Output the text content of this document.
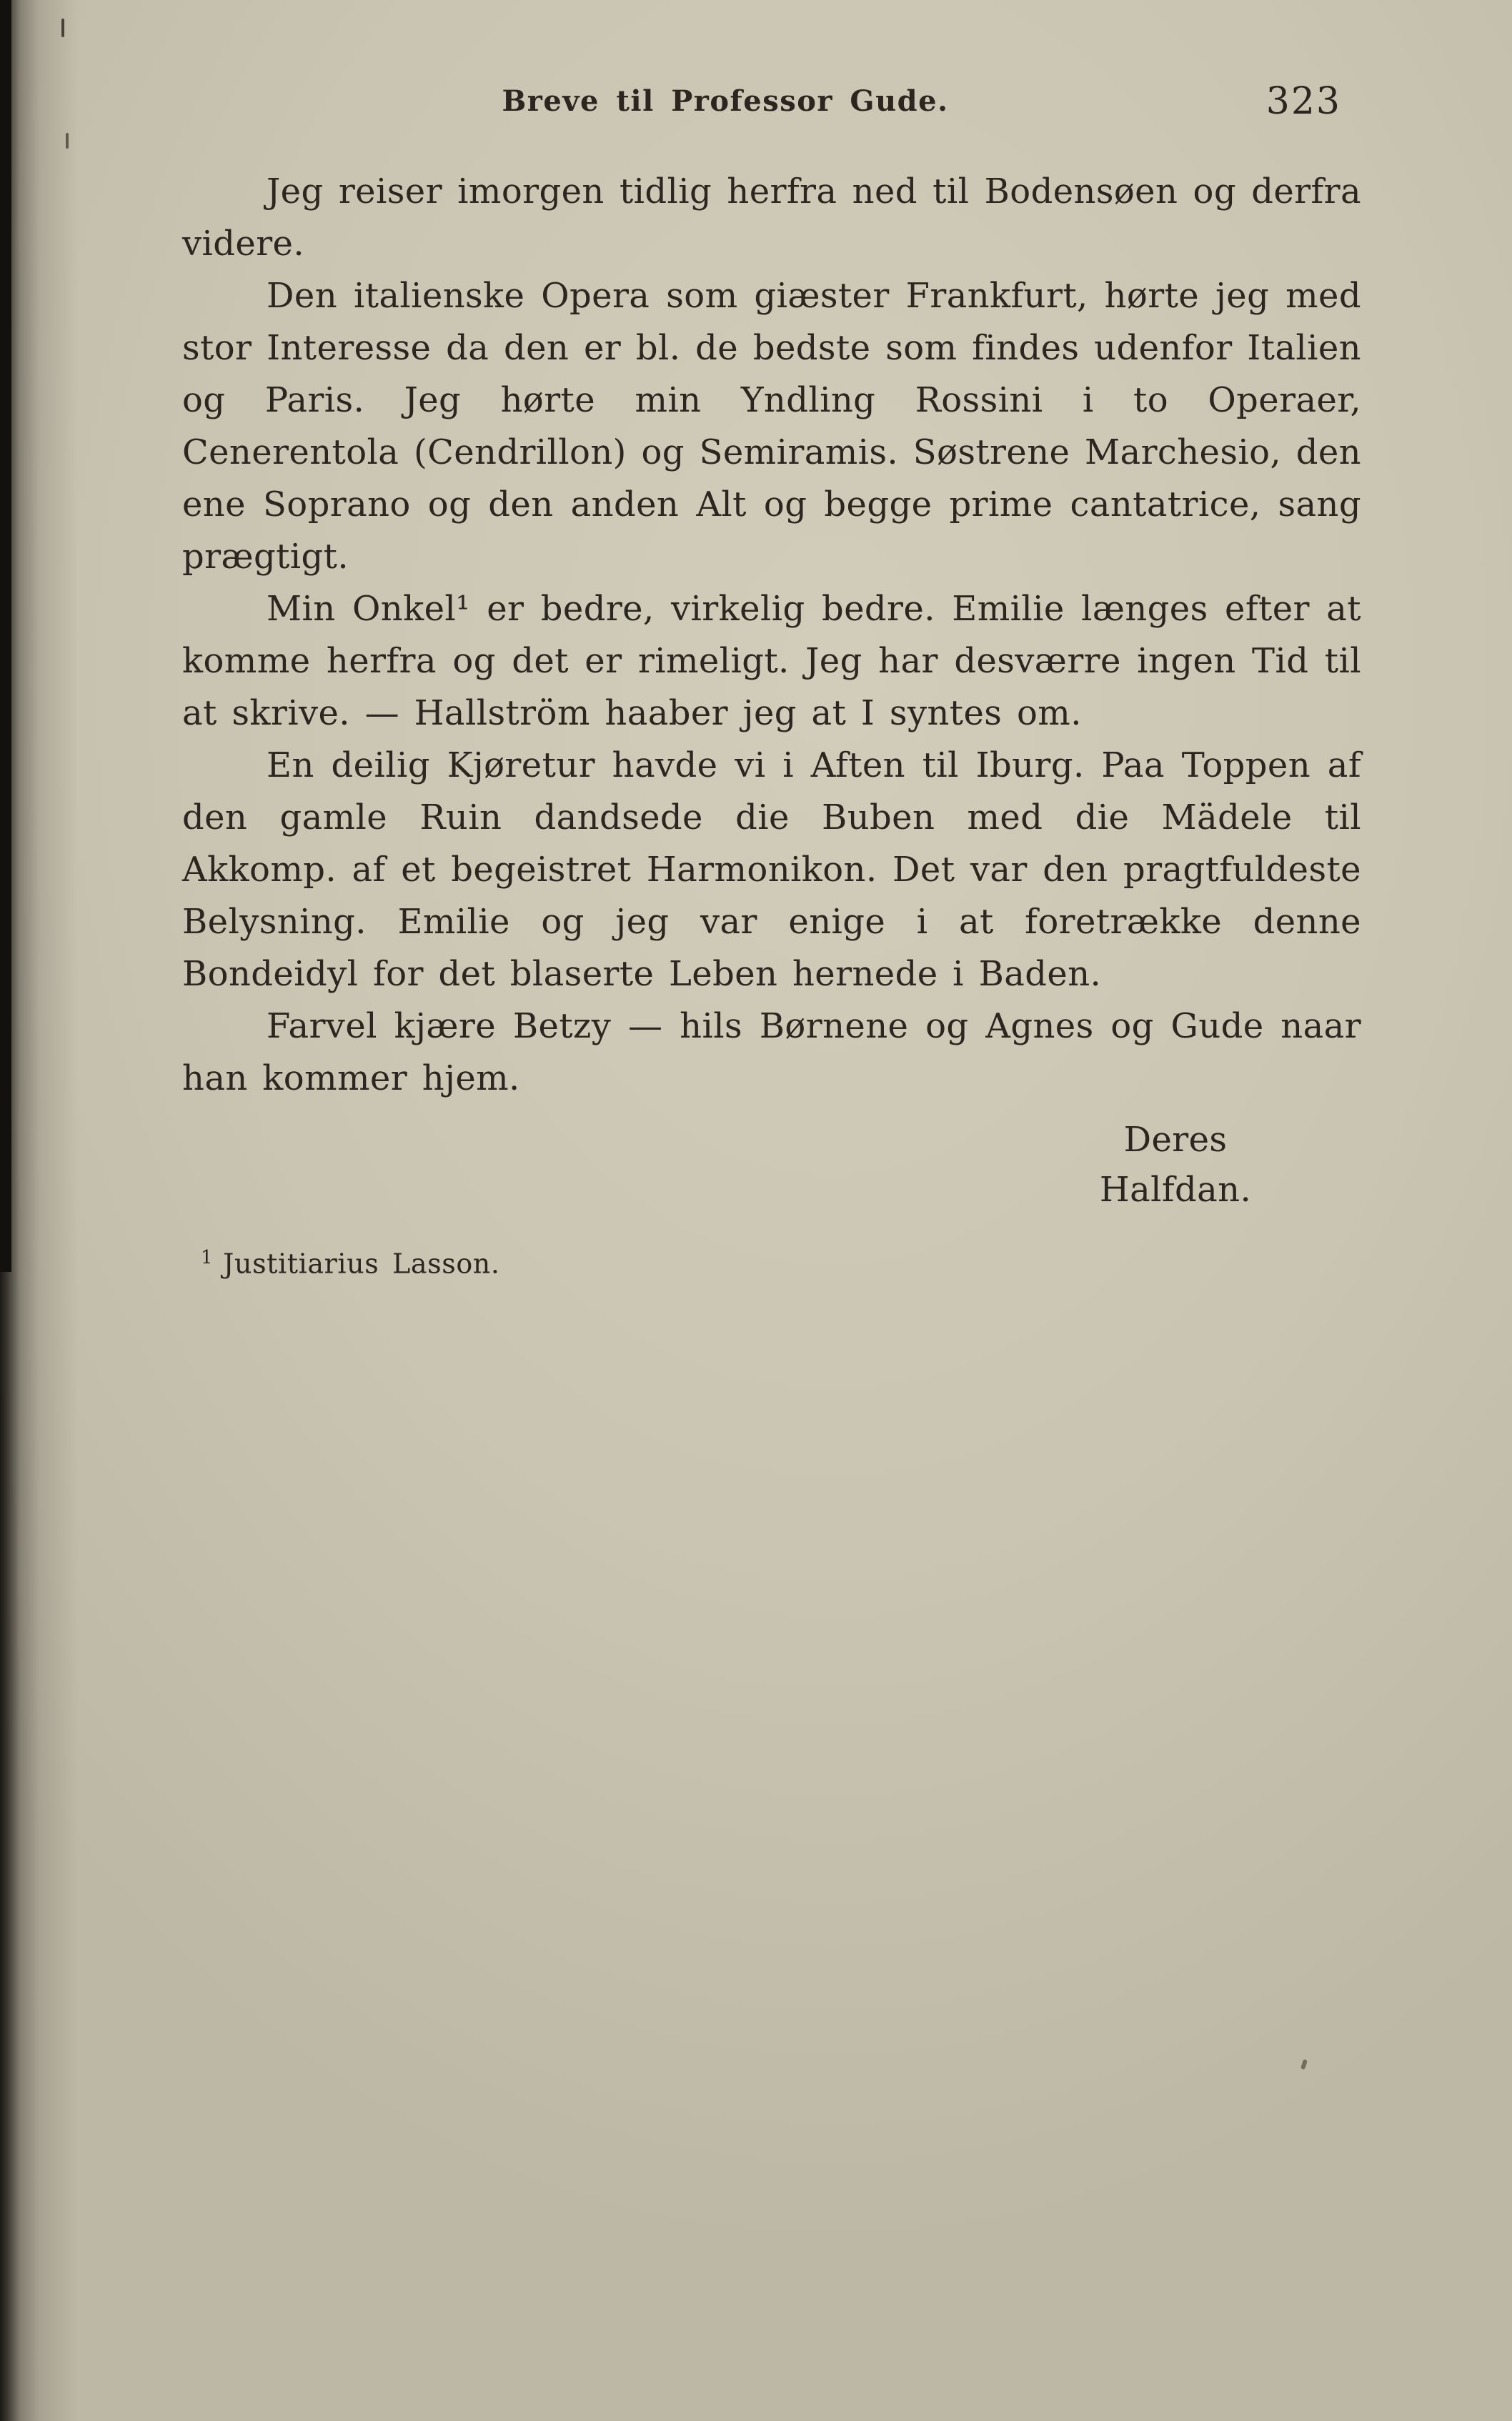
Breve til Professor Gude.	323

Jeg reiser imorgen tidlig herfra ned til Bodensøen og derfra videre.

Den italienske Opera som giæster Frankfurt, hørte jeg med stor Interesse da den er bl. de bedste som findes udenfor Italien og Paris. Jeg hørte min Yndling Rossini i to Operaer, Cenerentola (Cendrillon) og Semiramis. Søstrene Marchesio, den ene Soprano og den anden Alt og begge prime cantatrice, sang prægtigt.

Min Onkel¹ er bedre, virkelig bedre. Emilie længes efter at komme herfra og det er rimeligt. Jeg har desværre ingen Tid til at skrive. — Hallström haaber jeg at I syntes om.

En deilig Kjøretur havde vi i Aften til Iburg. Paa Toppen af den gamle Ruin dandsede die Buben med die Mädele til Akkomp. af et begeistret Harmonikon. Det var den pragtfuldeste Belysning. Emilie og jeg var enige i at foretrække denne Bondeidyl for det blaserte Leben hernede i Baden.

Farvel kjære Betzy — hils Børnene og Agnes og Gude naar han kommer hjem.

Deres
Halfdan.
$^1$ Justitiarius Lasson.
